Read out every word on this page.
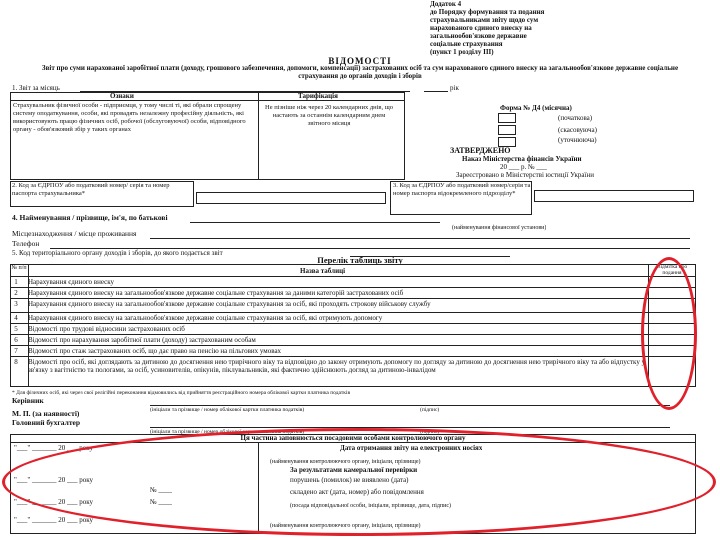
Додаток 4
до Порядку формування та подання
страхувальниками звіту щодо сум
нарахованого єдиного внеску на
загальнообов'язкове державне
соціальне страхування
(пункт 1 розділу ІІІ)
ВІДОМОСТІ
Звіт про суми нарахованої заробітної плати (доходу, грошового забезпечення, допомоги, компенсації) застрахованих осіб та сум нарахованого єдиного внеску на загальнообов'язкове державне соціальне страхування до органів доходів і зборів
1. Звіт за місяць	рік
Ознаки	Тарифікація
Страхувальник фізичної особи - підприємця, у тому числі ті, які обрали спрощену систему оподаткування, особи, які провадять незалежну професійну діяльність, які використовують працю фізичних осіб, робочої (обслуговуючої) особи, відповідного органу - обов'язковий збір у таких органах
Не пізніше ніж через 20 календарних днів, що настають за останнім календарним днем звітного місяця
Форма № Д4 (місячна)
(початкова)
(скасовуюча)
(уточнююча)
ЗАТВЕРДЖЕНО
Наказ Міністерства фінансів України
20 ___ р. № ___
Зареєстровано в Міністерстві юстиції України
2. Код за ЄДРПОУ або податковий номер/ серія та номер паспорта страхувальника*
3. Код за ЄДРПОУ або податковий номер/серія та номер паспорта відокремленого підрозділу*
4. Найменування / прізвище, ім'я, по батькові
(найменування фінансової установи)
Місцезнаходження / місце проживання
Телефон
5. Код територіального органу доходів і зборів, до якого подається звіт
Перелік таблиць звіту
№ п/п	Назва таблиці	Відмітка про подання
1	Нарахування єдиного внеску
2	Нарахування єдиного внеску на загальнообов'язкове державне соціальне страхування за даними категорій застрахованих осіб
3	Нарахування єдиного внеску на загальнообов'язкове державне соціальне страхування за осіб, які проходять строкову військову службу
4	Нарахування єдиного внеску на загальнообов'язкове державне соціальне страхування за осіб, які отримують допомогу
5	Відомості про трудові відносини застрахованих осіб
6	Відомості про нарахування заробітної плати (доходу) застрахованим особам
7	Відомості про стаж застрахованих осіб, що дає право на пенсію на пільгових умовах
8	Відомості про осіб, які доглядають за дитиною до досягнення нею трирічного віку та відповідно до закону отримують допомогу по догляду за дитиною до досягнення нею трирічного віку та або відпустку у зв'язку з вагітністю та пологами, за осіб, усиновителів, опікунів, піклувальників, які фактично здійснюють догляд за дитиною-інвалідом
* Для фізичних осіб, які через свої релігійні переконання відмовились від прийняття реєстраційного номера облікової картки платника податків
Керівник
(ініціали та прізвище / номер облікової картки платника податків)	(підпис)
М. П. (за наявності)
Головний бухгалтер
(ініціали та прізвище / номер облікової картки платника податків)	(підпис)
Ця частина заповнюється посадовими особами контролюючого органу
"___" _______ 20 ___ року	Дата отримання звіту на електронних носіях
(найменування контролюючого органу, ініціали, прізвище)
За результатами камеральної перевірки
"___" _______ 20 ___ року	порушень (помилок) не виявлено (дата)
№ ____	складено акт (дата, номер) або повідомлення
"___" _______ 20 ___ року	№ ____	(посада відповідальної особи, ініціали, прізвище, дата, підпис)
"___" _______ 20 ___ року
(найменування контролюючого органу, ініціали, прізвище)
